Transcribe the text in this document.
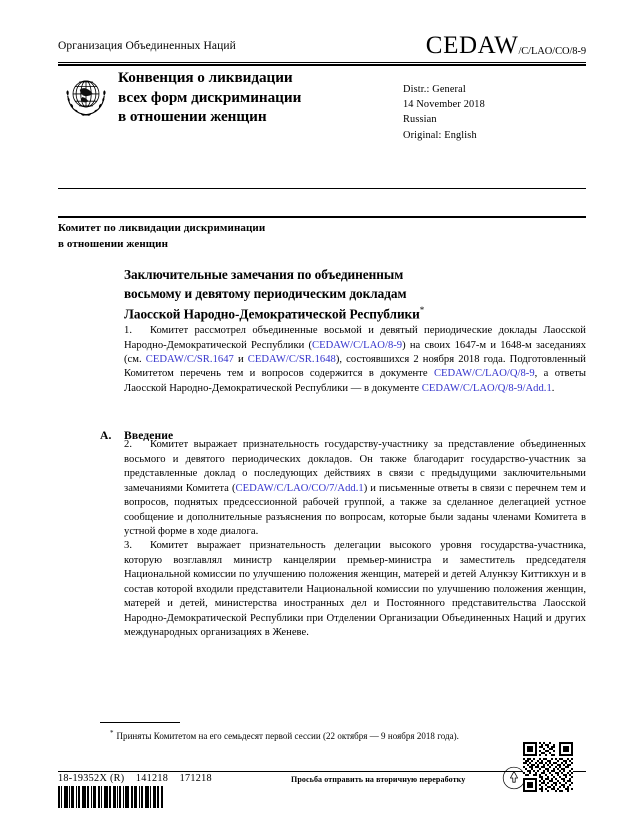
Организация Объединенных Наций	CEDAW/C/LAO/CO/8-9
Конвенция о ликвидации
всех форм дискриминации
в отношении женщин
Distr.: General
14 November 2018
Russian
Original: English
Комитет по ликвидации дискриминации
в отношении женщин
Заключительные замечания по объединенным
восьмому и девятому периодическим докладам
Лаосской Народно-Демократической Республики*

1. Комитет рассмотрел объединенные восьмой и девятый периодические доклады Лаосской Народно-Демократической Республики (CEDAW/C/LAO/8-9) на своих 1647-м и 1648-м заседаниях (см. CEDAW/C/SR.1647 и CEDAW/C/SR.1648), состоявшихся 2 ноября 2018 года. Подготовленный Комитетом перечень тем и вопросов содержится в документе CEDAW/C/LAO/Q/8-9, а ответы Лаосской Народно-Демократической Республики — в документе CEDAW/C/LAO/Q/8-9/Add.1.

2. Комитет выражает признательность государству-участнику за представление объединенных восьмого и девятого периодических докладов. Он также благодарит государство-участник за представленные доклад о последующих действиях в связи с предыдущими заключительными замечаниями Комитета (CEDAW/C/LAO/CO/7/Add.1) и письменные ответы в связи с перечнем тем и вопросов, поднятых предсессионной рабочей группой, а также за сделанное делегацией устное сообщение и дополнительные разъяснения по вопросам, которые были заданы членами Комитета в устной форме в ходе диалога.

3. Комитет выражает признательность делегации высокого уровня государства-участника, которую возглавлял министр канцелярии премьер-министра и заместитель председателя Национальной комиссии по улучшению положения женщин, матерей и детей Алункэу Киттикхун и в состав которой входили представители Национальной комиссии по улучшению положения женщин, матерей и детей, министерства иностранных дел и Постоянного представительства Лаосской Народно-Демократической Республики при Отделении Организации Объединенных Наций и других международных организациях в Женеве.

A. Введение
* Приняты Комитетом на его семьдесят первой сессии (22 октября — 9 ноября 2018 года).
18-19352X (R) 141218 171218	Просьба отправить на вторичную переработку
